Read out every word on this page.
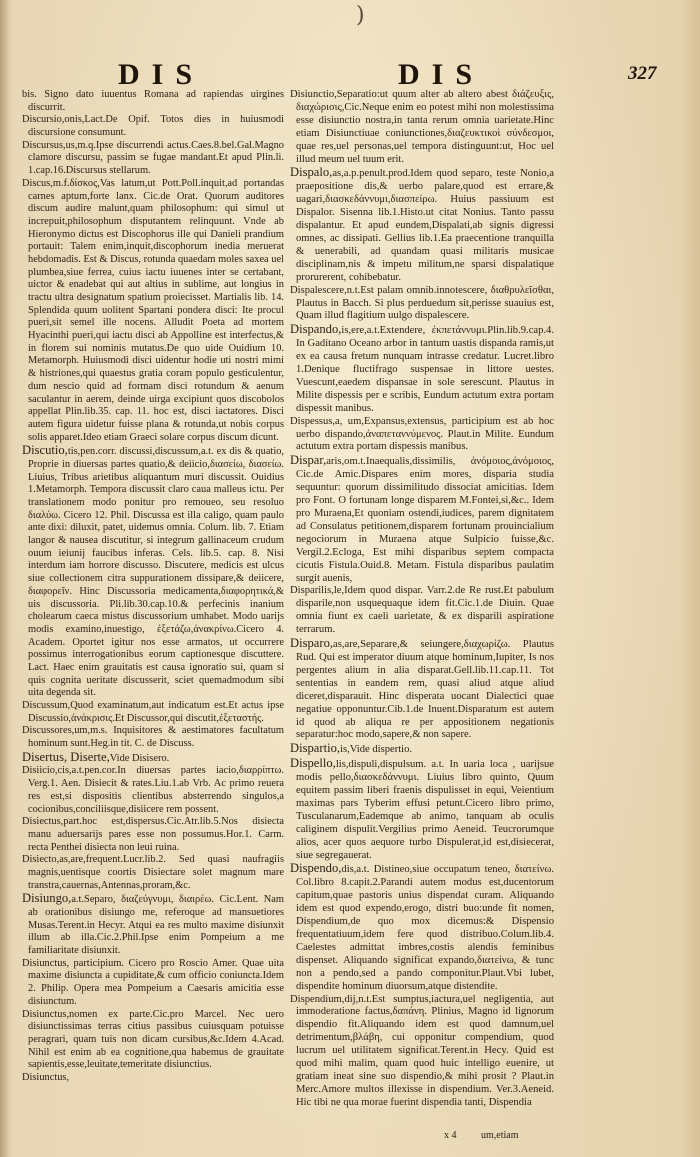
)
DIS	DIS	327

bis. Signo dato iuuentus Romana ad rapiendas uirgines discurrit.

Discursio,onis,Lact.De Opif. Totos dies in huiusmodi discursione consumunt.

Discursus,us,m.q.Ipse discurrendi actus.Caes.8.bel.Gal.Magno clamore discursu, passim se fugae mandant.Et apud Plin.li. 1.cap.16.Discursus stellarum.

Discus,m.f.δίσκος,Vas latum,ut Pott.Poll.inquit,ad portandas carnes aptum,forte lanx. Cic.de Orat. Quorum auditores discum audire malunt,quam philosophum: qui simul ut increpuit,philosophum disputantem relinquunt. Vnde ab Hieronymo dictus est Discophorus ille qui Danieli prandium portauit: Talem enim,inquit,discophorum inedia meruerat hebdomadis. Est & Discus, rotunda quaedam moles saxea uel plumbea,siue ferrea, cuius iactu iuuenes inter se certabant, uictor & enadebat qui aut altius in sublime, aut longius in tractu ultra designatum spatium proiecisset. Martialis lib. 14. Splendida quum uolitent Spartani pondera disci: Ite procul pueri,sit semel ille nocens. Alludit Poeta ad mortem Hyacinthi pueri,qui iactu disci ab Appolline est interfectus,& in florem sui nominis mutatus.De quo uide Ouidium 10. Metamorph. Huiusmodi disci uidentur hodie uti nostri mimi & histriones,qui quaestus gratia coram populo gesticulentur, dum nescio quid ad formam disci rotundum & aenum saculantur in aerem, deinde uirga excipiunt quos discobolos appellat Plin.lib.35. cap. 11. hoc est, disci iactatores. Disci autem figura uidetur fuisse plana & rotunda,ut nobis corpus solis apparet.Ideo etiam Graeci solare corpus discum dicunt.

Discutio,tis,pen.corr. discussi,discussum,a.t. ex dis & quatio, Proprie in diuersas partes quatio,& deiicio,διασείω, διασείω. Liuius, Tribus arietibus aliquantum muri discussit. Ouidius 1.Metamorph. Tempora discussit claro caua malleus ictu. Per translationem modo ponitur pro remoueo, seu resoluo διαλύω. Cicero 12. Phil. Discussa est illa caligo, quam paulo ante dixi: diluxit, patet, uidemus omnia. Colum. lib. 7. Etiam langor & nausea discutitur, si integrum gallinaceum crudum ouum ieiunij faucibus inferas. Cels. lib.5. cap. 8. Nisi interdum iam horrore discusso. Discutere, medicis est ulcus siue collectionem citra suppurationem dissipare,& deiicere, διαφορεῖν. Hinc Discussoria medicamenta,διαφορητικά,& uis discussoria. Pli.lib.30.cap.10.& perfecinis inanium cholearum caeca mistus discussorium umhabet. Modo uarijs modis examino,inuestigo, ἐξετάζω,ἀνακρίνω.Cicero 4. Academ. Oportet igitur nos esse armatos, ut occurrere possimus interrogationibus eorum captionesque discuttere. Lact. Haec enim grauitatis est causa ignoratio sui, quam si quis cognita ueritate discusserit, sciet quemadmodum sibi uita degenda sit.

Discussum,Quod examinatum,aut indicatum est.Et actus ipse Discussio,ἀνάκρισις.Et Discussor,qui discutit,ἐξεταστής.

Discussores,um,m.s. Inquisitores & aestimatores facultatum hominum sunt.Heg.in tit. C. de Discuss.

Disertus, Diserte,Vide Disisero.

Disiicio,cis,a.t.pen.cor.In diuersas partes iacio,διαρρίπτω. Verg.1. Aen. Disiecit & rates.Liu.1.ab Vrb. Ac primo reuera res est,si dispositis clientibus absterrendo singulos,a cocionibus,conciliisque,disiicere rem possent.

Disiectus,part.hoc est,dispersus.Cic.Atr.lib.5.Nos disiecta manu aduersarijs pares esse non possumus.Hor.1. Carm. recta Penthei disiecta non leui ruina.

Disiecto,as,are,frequent.Lucr.lib.2. Sed quasi naufragiis magnis,uentisque coortis Disiectare solet magnum mare transtra,cauernas,Antennas,proram,&c.

Disiungo,a.t.Separo, διαζεύγνυμι, διαιρέω. Cic.Lent. Nam ab orationibus disiungo me, referoque ad mansuetiores Musas.Terent.in Hecyr. Atqui ea res multo maxime disiunxit illum ab illa.Cic.2.Phil.Ipse enim Pompeium a me familiaritate disiunxit.

Disiunctus, participium. Cicero pro Roscio Amer. Quae uita maxime disiuncta a cupiditate,& cum officio coniuncta.Idem 2. Philip. Opera mea Pompeium a Caesaris amicitia esse disiunctum.

Disiunctus,nomen ex parte.Cic.pro Marcel. Nec uero disiunctissimas terras citius passibus cuiusquam potuisse peragrari, quam tuis non dicam cursibus,&c.Idem 4.Acad. Nihil est enim ab ea cognitione,qua habemus de grauitate sapientis,esse,leuitate,temeritate disiunctius.

Disiunctus,

Disiunctio,Separatio:ut quum alter ab altero abest διάζευξις, διαχώρισις,Cic.Neque enim eo potest mihi non molestissima esse disiunctio nostra,in tanta rerum omnia uarietate.Hinc etiam Disiunctiuae coniunctiones,διαζευκτικοὶ σύνδεσμοι, quae res,uel personas,uel tempora distinguunt:ut, Hoc uel illud meum uel tuum erit.

Dispalo,as,a.p.penult.prod.Idem quod separo, teste Nonio,a praepositione dis,& uerbo palare,quod est errare,& uagari,διασκεδάννυμι,διασπείρω. Huius passiuum est Dispalor. Sisenna lib.1.Histo.ut citat Nonius. Tanto passu dispalantur. Et apud eundem,Dispalati,ab signis digressi omnes, ac dissipati. Gellius lib.1.Ea praecentione tranquilla & uenerabili, ad quandam quasi militaris musicae disciplinam,nis & impetu militum,ne sparsi dispalatique prorurerent, cohibebatur.

Dispalescere,n.t.Est palam omnib.innotescere, διαθρυλεῖσθαι, Plautus in Bacch. Si plus perduedum sit,perisse suauius est, Quam illud flagitium uulgo dispalescere.

Dispando,is,ere,a.t.Extendere, ἐκπετάννυμι.Plin.lib.9.cap.4. In Gaditano Oceano arbor in tantum uastis dispanda ramis,ut ex ea causa fretum nunquam intrasse credatur. Lucret.libro 1.Denique fluctifrago suspensae in littore uestes. Vuescunt,eaedem dispansae in sole serescunt. Plautus in Milite dispessis per e scribis, Eundum actutum extra portam dispessit manibus.

Dispessus,a, um,Expansus,extensus, participium est ab hoc uerbo dispando,ἀναπεταννύμενος. Plaut.in Milite. Eundum actutum extra portam dispessis manibus.

Dispar,aris,om.t.Inaequalis,dissimilis, ἀνόμοιος,ἀνόμοιος, Cic.de Amic.Dispares enim mores, disparia studia sequuntur: quorum dissimilitudo dissociat amicitias. Idem pro Font. O fortunam longe disparem M.Fontei,si,&c.. Idem pro Muraena,Et quoniam ostendi,iudices, parem dignitatem ad Consulatus petitionem,disparem fortunam prouincialium negociorum in Muraena atque Sulpicio fuisse,&c. Vergil.2.Ecloga, Est mihi disparibus septem compacta cicutis Fistula.Ouid.8. Metam. Fistula disparibus paulatim surgit auenis,

Disparilis,le,Idem quod dispar. Varr.2.de Re rust.Et pabulum disparile,non usquequaque idem fit.Cic.1.de Diuin. Quae omnia fiunt ex caeli uarietate, & ex disparili aspiratione terrarum.

Disparo,as,are,Separare,& seiungere,διαχωρίζω. Plautus Rud. Qui est imperator diuum atque hominum,Iupiter, Is nos pergentes alium in alia disparat.Gell.lib.11.cap.11. Tot sententias in eandem rem, quasi aliud atque aliud diceret,disparauit. Hinc disperata uocant Dialectici quae negatiue opponuntur.Cib.1.de Inuent.Disparatum est autem id quod ab aliqua re per appositionem negationis separatur:hoc modo,sapere,& non sapere.

Dispartio,is,Vide dispertio.

Dispello,lis,dispuli,dispulsum. a.t. In uaria loca , uarijsue modis pello,διασκεδάννυμι. Liuius libro quinto, Quum equitem passim liberi fraenis dispulisset in equi, Veientium maximas pars Tyberim effusi petunt.Cicero libro primo, Tusculanarum,Eademque ab animo, tanquam ab oculis caliginem dispulit.Vergilius primo Aeneid. Teucrorumque alios, acer quos aequore turbo Dispulerat,id est,disiecerat, siue segregauerat.

Dispendo,dis,a.t. Distineo,siue occupatum teneo, διατείνω. Col.libro 8.capit.2.Parandi autem modus est,ducentorum capitum,quae pastoris unius dispendat curam. Aliquando idem est quod expendo,erogo, distri buo:unde fit nomen, Dispendium,de quo mox dicemus:& Dispensio frequentatiuum,idem fere quod distribuo.Colum.lib.4. Caelestes admittat imbres,costis alendis feminibus dispenset. Aliquando significat expando,διατείνω, & tunc non a pendo,sed a pando componitur.Plaut.Vbi lubet, dispendite hominum diuorsum,atque distendite.

Dispendium,dij,n.t.Est sumptus,iactura,uel negligentia, aut immoderatione factus,δαπάνη. Plinius, Magno id lignorum dispendio fit.Aliquando idem est quod damnum,uel detrimentum,βλάβη, cui opponitur compendium, quod lucrum uel utilitatem significat.Terent.in Hecy. Quid est quod mihi malim, quam quod huic intelligo euenire, ut gratiam ineat sine suo dispendio,& mihi prosit ? Plaut.in Merc.Amore multos illexisse in dispendium. Ver.3.Aeneid. Hic tibi ne qua morae fuerint dispendia tanti, Dispendia

x 4 um,etiam
